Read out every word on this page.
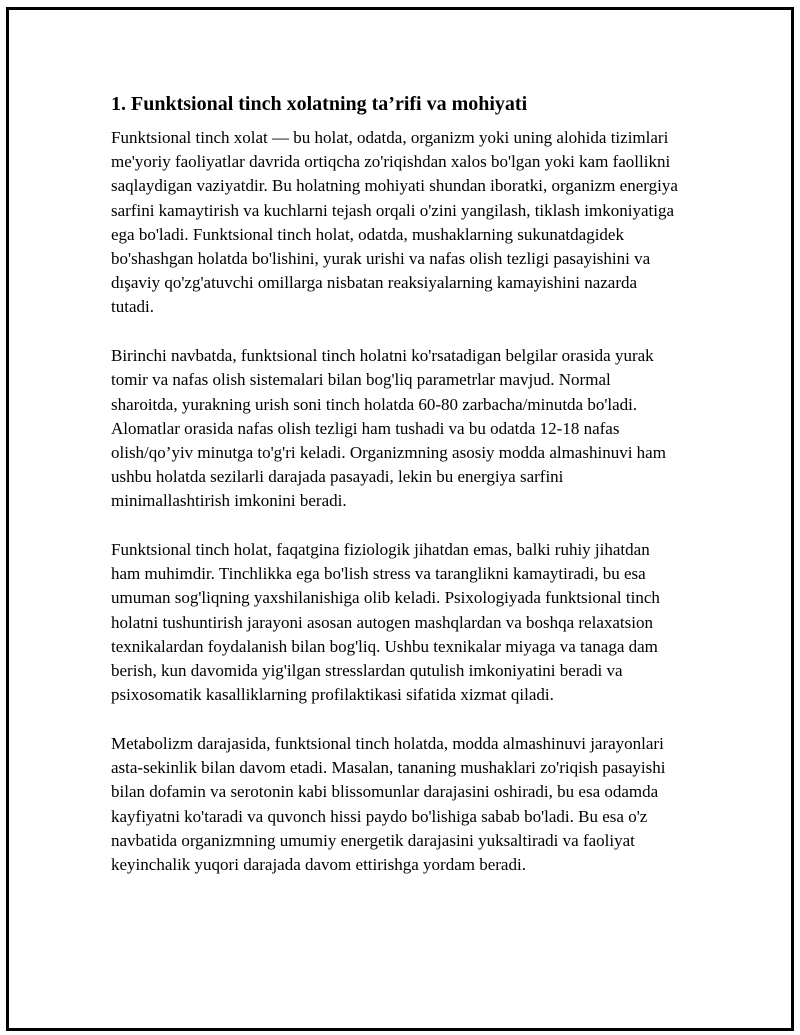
1. Funktsional tinch xolatning ta’rifi va mohiyati

Funktsional tinch xolat — bu holat, odatda, organizm yoki uning alohida tizimlari me'yoriy faoliyatlar davrida ortiqcha zo'riqishdan xalos bo'lgan yoki kam faollikni saqlaydigan vaziyatdir. Bu holatning mohiyati shundan iboratki, organizm energiya sarfini kamaytirish va kuchlarni tejash orqali o'zini yangilash, tiklash imkoniyatiga ega bo'ladi. Funktsional tinch holat, odatda, mushaklarning sukunatdagidek bo'shashgan holatda bo'lishini, yurak urishi va nafas olish tezligi pasayishini va dışaviy qo'zg'atuvchi omillarga nisbatan reaksiyalarning kamayishini nazarda tutadi.

Birinchi navbatda, funktsional tinch holatni ko'rsatadigan belgilar orasida yurak tomir va nafas olish sistemalari bilan bog'liq parametrlar mavjud. Normal sharoitda, yurakning urish soni tinch holatda 60-80 zarbacha/minutda bo'ladi. Alomatlar orasida nafas olish tezligi ham tushadi va bu odatda 12-18 nafas olish/qo’yiv minutga to'g'ri keladi. Organizmning asosiy modda almashinuvi ham ushbu holatda sezilarli darajada pasayadi, lekin bu energiya sarfini minimallashtirish imkonini beradi.

Funktsional tinch holat, faqatgina fiziologik jihatdan emas, balki ruhiy jihatdan ham muhimdir. Tinchlikka ega bo'lish stress va taranglikni kamaytiradi, bu esa umuman sog'liqning yaxshilanishiga olib keladi. Psixologiyada funktsional tinch holatni tushuntirish jarayoni asosan autogen mashqlardan va boshqa relaxatsion texnikalardan foydalanish bilan bog'liq. Ushbu texnikalar miyaga va tanaga dam berish, kun davomida yig'ilgan stresslardan qutulish imkoniyatini beradi va psixosomatik kasalliklarning profilaktikasi sifatida xizmat qiladi.

Metabolizm darajasida, funktsional tinch holatda, modda almashinuvi jarayonlari asta-sekinlik bilan davom etadi. Masalan, tananing mushaklari zo'riqish pasayishi bilan dofamin va serotonin kabi blissomunlar darajasini oshiradi, bu esa odamda kayfiyatni ko'taradi va quvonch hissi paydo bo'lishiga sabab bo'ladi. Bu esa o'z navbatida organizmning umumiy energetik darajasini yuksaltiradi va faoliyat keyinchalik yuqori darajada davom ettirishga yordam beradi.
